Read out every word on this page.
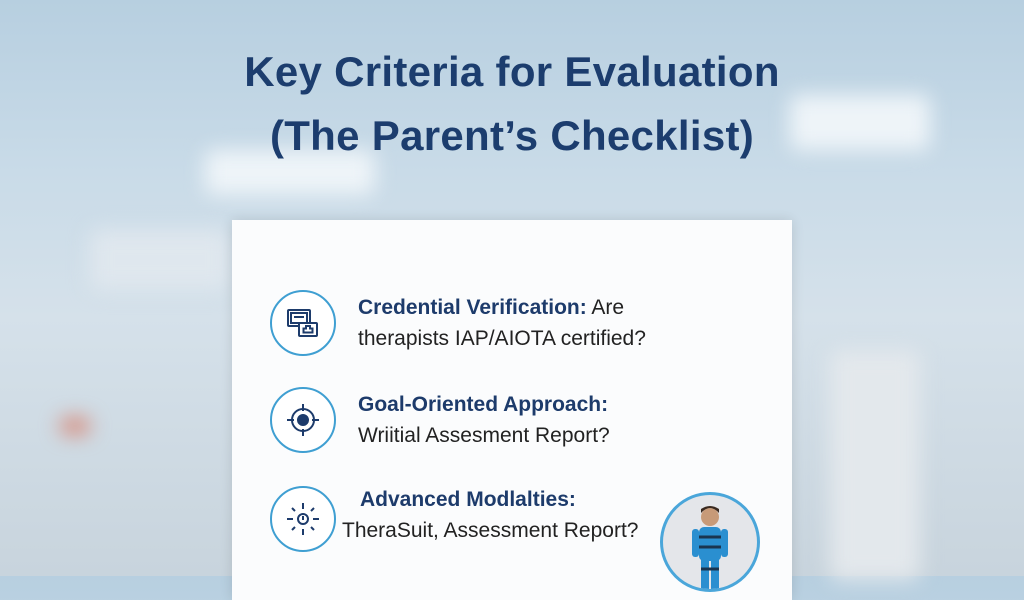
Key Criteria for Evaluation
(The Parent’s Checklist)
Credential Verification: Are
therapists IAP/AIOTA certified?
Goal-Oriented Approach:
Wriitial Assesment Report?
Advanced Modlalties:
TheraSuit, Assessment Report?
